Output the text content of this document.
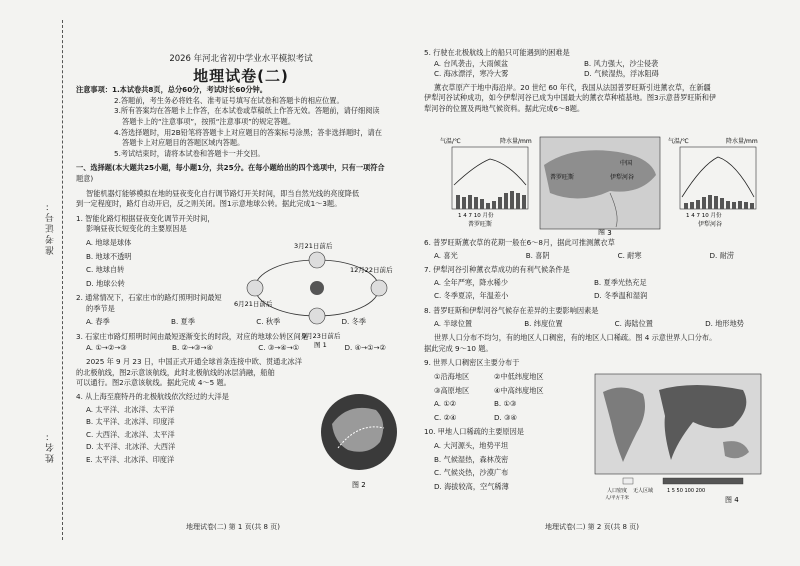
准考证号：
姓名：
2026 年河北省初中学业水平模拟考试
地理试卷(二)

注意事项：1.本试卷共8页，总分60分，考试时长60分钟。

2.答题前，考生务必将姓名、准考证号填写在试卷和答题卡的相应位置。

3.所有答案均在答题卡上作答，在本试卷或草稿纸上作答无效。答题前，请仔细阅读

答题卡上的“注意事项”，按照“注意事项”的规定答题。

4.答选择题时，用2B铅笔将答题卡上对应题目的答案标号涂黑；答非选择题时，请在

答题卡上对应题目的答题区域内答题。

5.考试结束时，请将本试卷和答题卡一并交回。

一、选择题(本大题共25小题，每小题1分，共25分。在每小题给出的四个选项中，只有一项符合

题意)

智能机器灯能够模拟在地的昼夜变化自行调节路灯开关时间，即当自然光线的亮度降低

到一定程度时，路灯自动开启，反之则关闭。图1示意地球公转。据此完成1～3题。

1. 智能化路灯根据昼夜变化调节开关时间，

影响昼夜长短变化的主要原因是

A. 地球是球体

B. 地球不透明

C. 地球自转

D. 地球公转

2. 通常情况下，石家庄市的路灯照明时间最短

的季节是

A. 春季	B. 夏季	C. 秋季	D. 冬季

3. 石家庄市路灯照明时间由最短逐渐变长的时段，对应的地球公转区间是

A. ①→②→③	B. ②→③→④	C. ③→④→①	D. ④→①→②

2025 年 9 月 23 日，中国正式开通全球首条连接中欧、贯通北冰洋

的北极航线，图2示意该航线，此时北极航线的冰层消融，船舶

可以通行。图2示意该航线。据此完成 4～5 题。

4. 从上海至鹿特丹的北极航线依次经过的大洋是

A. 太平洋、北冰洋、太平洋

B. 太平洋、北冰洋、印度洋

C. 大西洋、北冰洋、太平洋

D. 太平洋、北冰洋、大西洋

E. 太平洋、北冰洋、印度洋

3月21日前后
12月22日前后
6月21日前后
9月23日前后
图 1
图 2
地理试卷(二) 第 1 页(共 8 页)

5. 行驶在北极航线上的船只可能遇到的困难是

A. 台风袭击，大雨倾盆	B. 风力强大，沙尘侵袭
C. 海冰漂浮，寒冷大雾	D. 气候湿热，浮冰阻碍

薰衣草原产于地中海沿岸。20 世纪 60 年代，我国从法国普罗旺斯引进薰衣草，在新疆

伊犁河谷试种成功，如今伊犁河谷已成为中国最大的薰衣草种植基地。图3示意普罗旺斯和伊

犁河谷的位置及两地气候资料。据此完成6～8题。

气温/℃	降水量/mm
1 4 7 10 月份
普罗旺斯
中国
普罗旺斯	伊犁河谷
气温/℃	降水量/mm
1 4 7 10 月份
伊犁河谷
图 3

6. 普罗旺斯薰衣草的花期一般在6～8月，据此可推测薰衣草

A. 喜光	B. 喜阴	C. 耐寒	D. 耐涝

7. 伊犁河谷引种薰衣草成功的有利气候条件是

A. 全年严寒，降水稀少	B. 夏季光热充足
C. 冬季夏凉，年温差小	D. 冬季温和湿润

8. 普罗旺斯和伊犁河谷气候存在差异的主要影响因素是

A. 半球位置	B. 纬度位置	C. 海陆位置	D. 地形地势

世界人口分布不均匀，有的地区人口稠密，有的地区人口稀疏。图 4 示意世界人口分布。

据此完成 9～10 题。

9. 世界人口稠密区主要分布于

①沿海地区	②中低纬度地区
③高原地区	④中高纬度地区
A. ①②	B. ①③
C. ②④	D. ③④

10. 甲地人口稀疏的主要原因是

A. 大河源头，地势平坦

B. 气候湿热，森林茂密

C. 气候炎热，沙漠广布

D. 海拔较高，空气稀薄

人口密度 无人区域	1 5 50 100 200
人/平方千米	图 4
地理试卷(二) 第 2 页(共 8 页)
